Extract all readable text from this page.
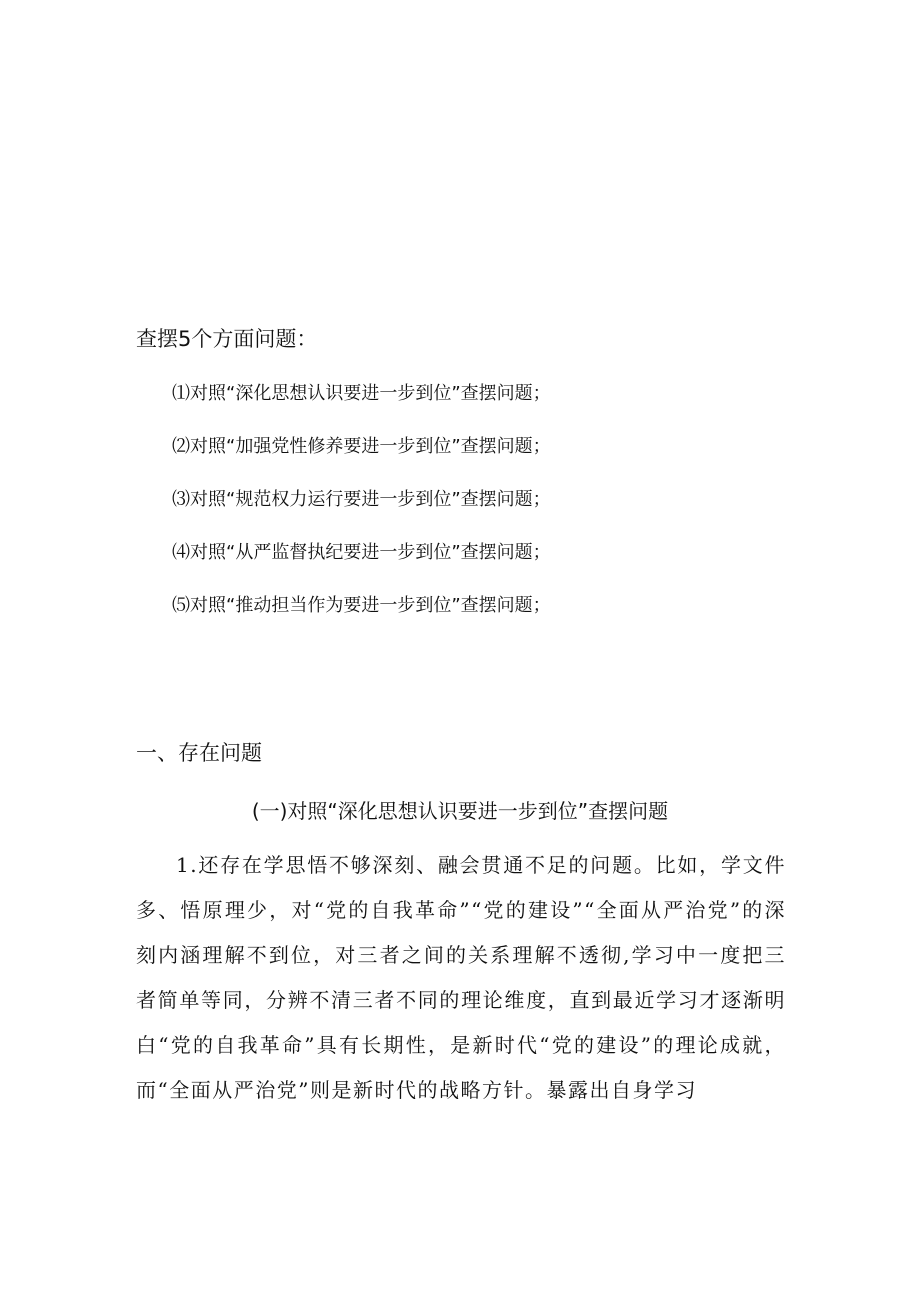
查摆5个方面问题：
⑴对照“深化思想认识要进一步到位”查摆问题；
⑵对照“加强党性修养要进一步到位”查摆问题；
⑶对照“规范权力运行要进一步到位”查摆问题；
⑷对照“从严监督执纪要进一步到位”查摆问题；
⑸对照“推动担当作为要进一步到位”查摆问题；
一、存在问题
(一)对照“深化思想认识要进一步到位”查摆问题

1.还存在学思悟不够深刻、融会贯通不足的问题。比如，学文件多、悟原理少，对“党的自我革命”“党的建设”“全面从严治党”的深刻内涵理解不到位，对三者之间的关系理解不透彻,学习中一度把三者简单等同，分辨不清三者不同的理论维度，直到最近学习才逐渐明白“党的自我革命”具有长期性，是新时代“党的建设”的理论成就，而“全面从严治党”则是新时代的战略方针。暴露出自身学习
